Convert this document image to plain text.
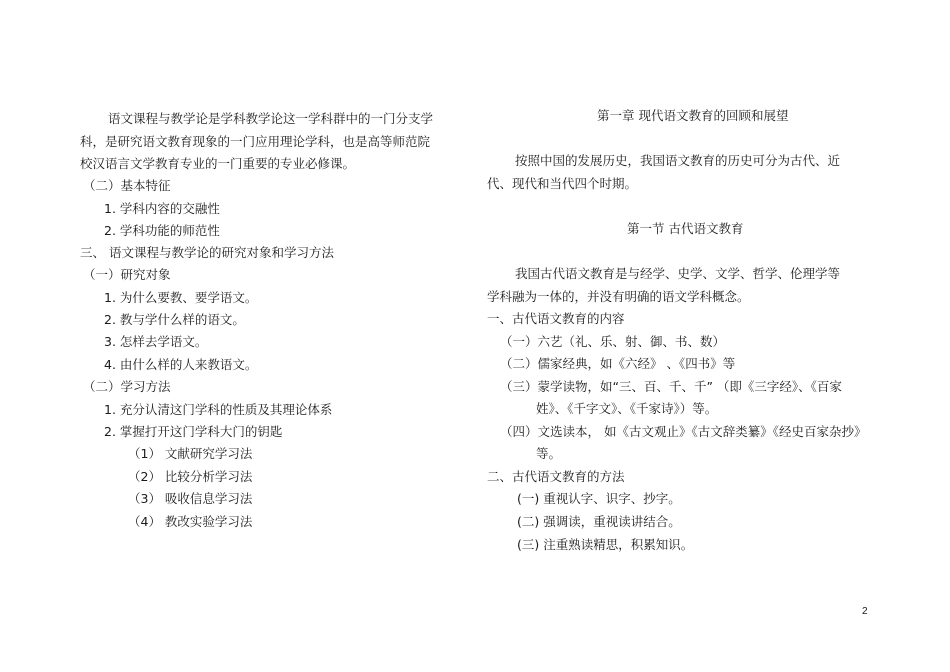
语文课程与教学论是学科教学论这一学科群中的一门分支学
科，是研究语文教育现象的一门应用理论学科，也是高等师范院
校汉语言文学教育专业的一门重要的专业必修课。
（二）基本特征
1. 学科内容的交融性
2. 学科功能的师范性
三、 语文课程与教学论的研究对象和学习方法
（一）研究对象
1. 为什么要教、要学语文。
2. 教与学什么样的语文。
3. 怎样去学语文。
4. 由什么样的人来教语文。
（二）学习方法
1. 充分认清这门学科的性质及其理论体系
2. 掌握打开这门学科大门的钥匙
（1） 文献研究学习法
（2） 比较分析学习法
（3） 吸收信息学习法
（4） 教改实验学习法
第一章 现代语文教育的回顾和展望
按照中国的发展历史，我国语文教育的历史可分为古代、近
代、现代和当代四个时期。
第一节 古代语文教育
我国古代语文教育是与经学、史学、文学、哲学、伦理学等
学科融为一体的，并没有明确的语文学科概念。
一、古代语文教育的内容
（一）六艺（礼、乐、射、御、书、数）
（二）儒家经典，如《六经》 、《四书》等
（三）蒙学读物，如“三、百、千、千” （即《三字经》、《百家
姓》、《千字文》、《千家诗》）等。
（四）文选读本， 如《古文观止》《古文辞类纂》《经史百家杂抄》
等。
二、古代语文教育的方法
(一) 重视认字、识字、抄字。
(二) 强调读，重视读讲结合。
(三) 注重熟读精思，积累知识。
2
